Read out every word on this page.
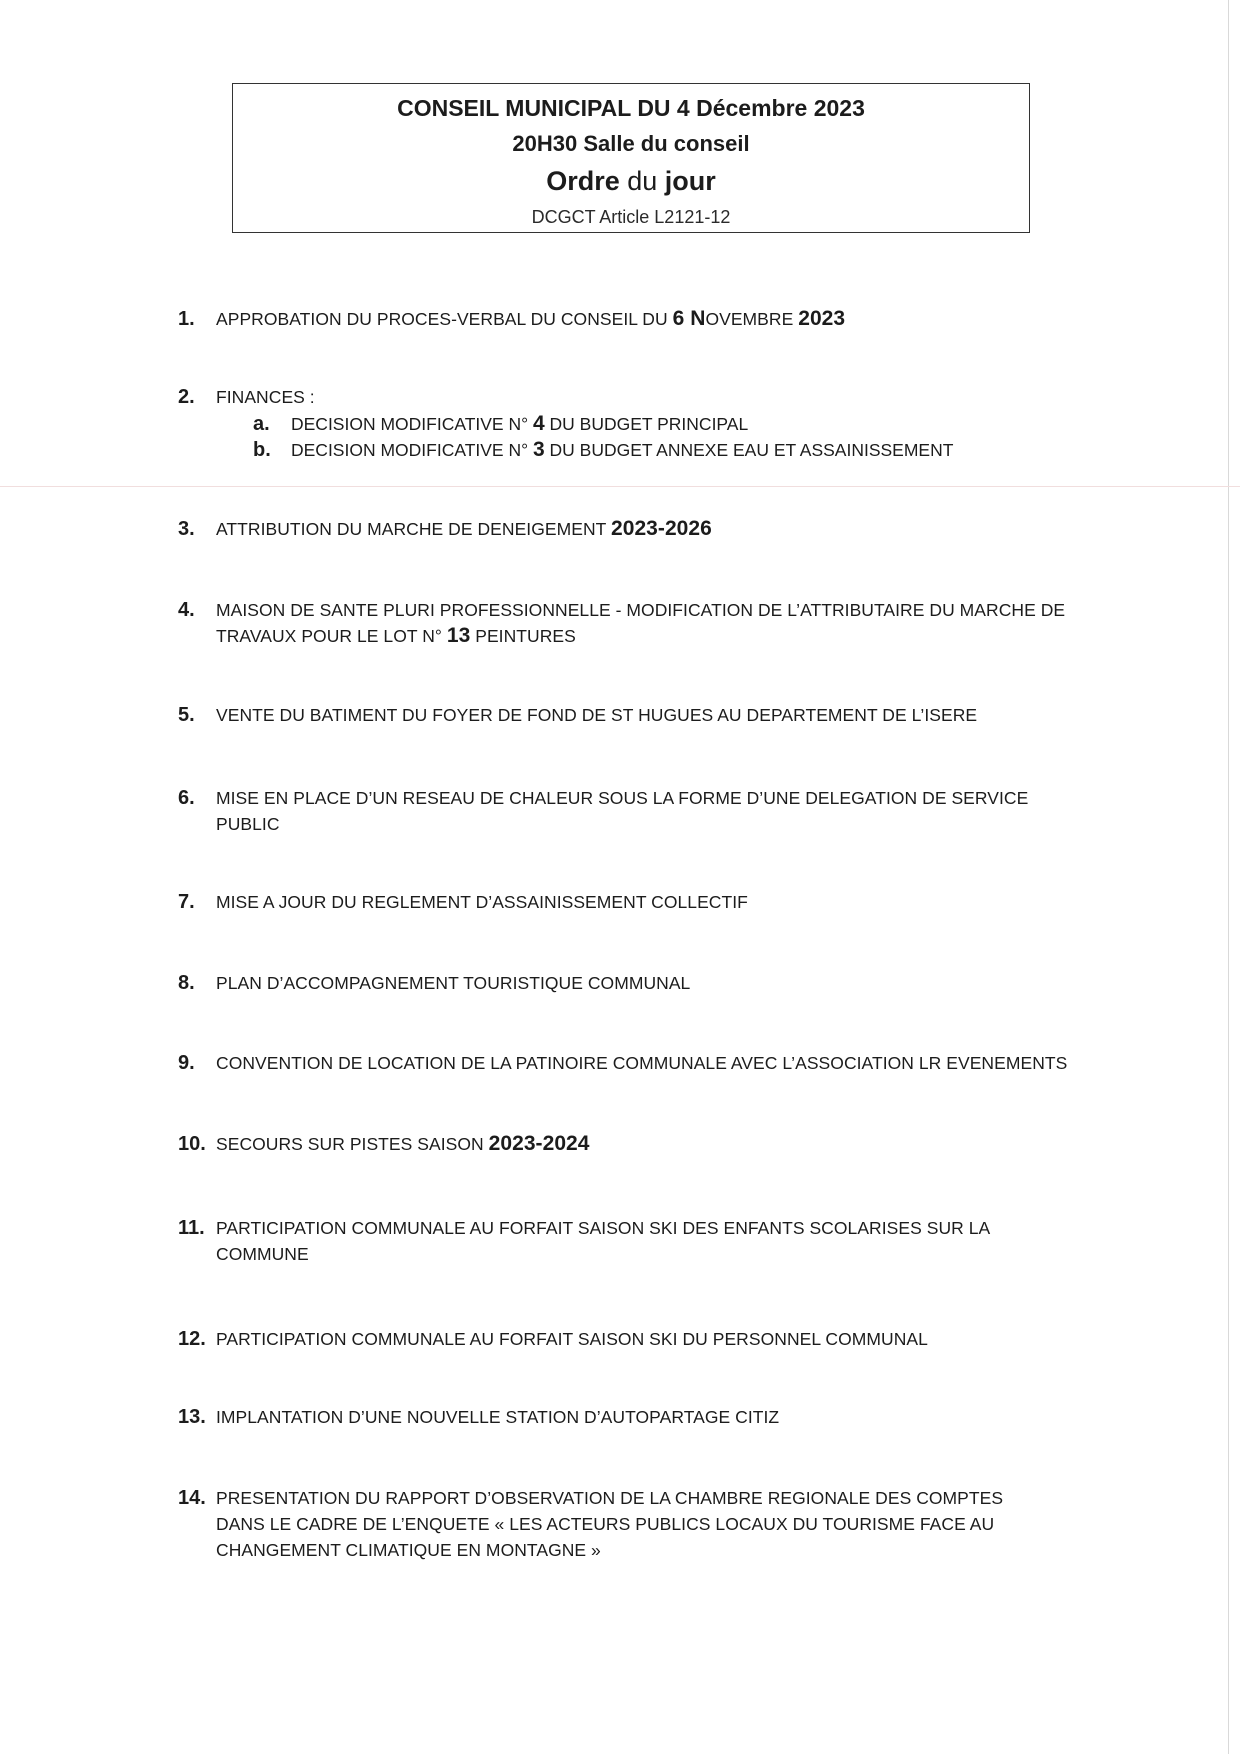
CONSEIL MUNICIPAL DU 4 Décembre 2023
20H30 Salle du conseil
Ordre du jour
DCGCT Article L2121-12
1. APPROBATION DU PROCES-VERBAL DU CONSEIL DU 6 NOVEMBRE 2023
2. FINANCES :
a. DECISION MODIFICATIVE N° 4 DU BUDGET PRINCIPAL
b. DECISION MODIFICATIVE N° 3 DU BUDGET ANNEXE EAU ET ASSAINISSEMENT
3. ATTRIBUTION DU MARCHE DE DENEIGEMENT 2023-2026
4. MAISON DE SANTE PLURI PROFESSIONNELLE - MODIFICATION DE L’ATTRIBUTAIRE DU MARCHE DE
TRAVAUX POUR LE LOT N° 13 PEINTURES
5. VENTE DU BATIMENT DU FOYER DE FOND DE ST HUGUES AU DEPARTEMENT DE L’ISERE
6. MISE EN PLACE D’UN RESEAU DE CHALEUR SOUS LA FORME D’UNE DELEGATION DE SERVICE
PUBLIC
7. MISE A JOUR DU REGLEMENT D’ASSAINISSEMENT COLLECTIF
8. PLAN D’ACCOMPAGNEMENT TOURISTIQUE COMMUNAL
9. CONVENTION DE LOCATION DE LA PATINOIRE COMMUNALE AVEC L’ASSOCIATION LR EVENEMENTS
10. SECOURS SUR PISTES SAISON 2023-2024
11. PARTICIPATION COMMUNALE AU FORFAIT SAISON SKI DES ENFANTS SCOLARISES SUR LA
COMMUNE
12. PARTICIPATION COMMUNALE AU FORFAIT SAISON SKI DU PERSONNEL COMMUNAL
13. IMPLANTATION D’UNE NOUVELLE STATION D’AUTOPARTAGE CITIZ
14. PRESENTATION DU RAPPORT D’OBSERVATION DE LA CHAMBRE REGIONALE DES COMPTES
DANS LE CADRE DE L’ENQUETE « LES ACTEURS PUBLICS LOCAUX DU TOURISME FACE AU
CHANGEMENT CLIMATIQUE EN MONTAGNE »
